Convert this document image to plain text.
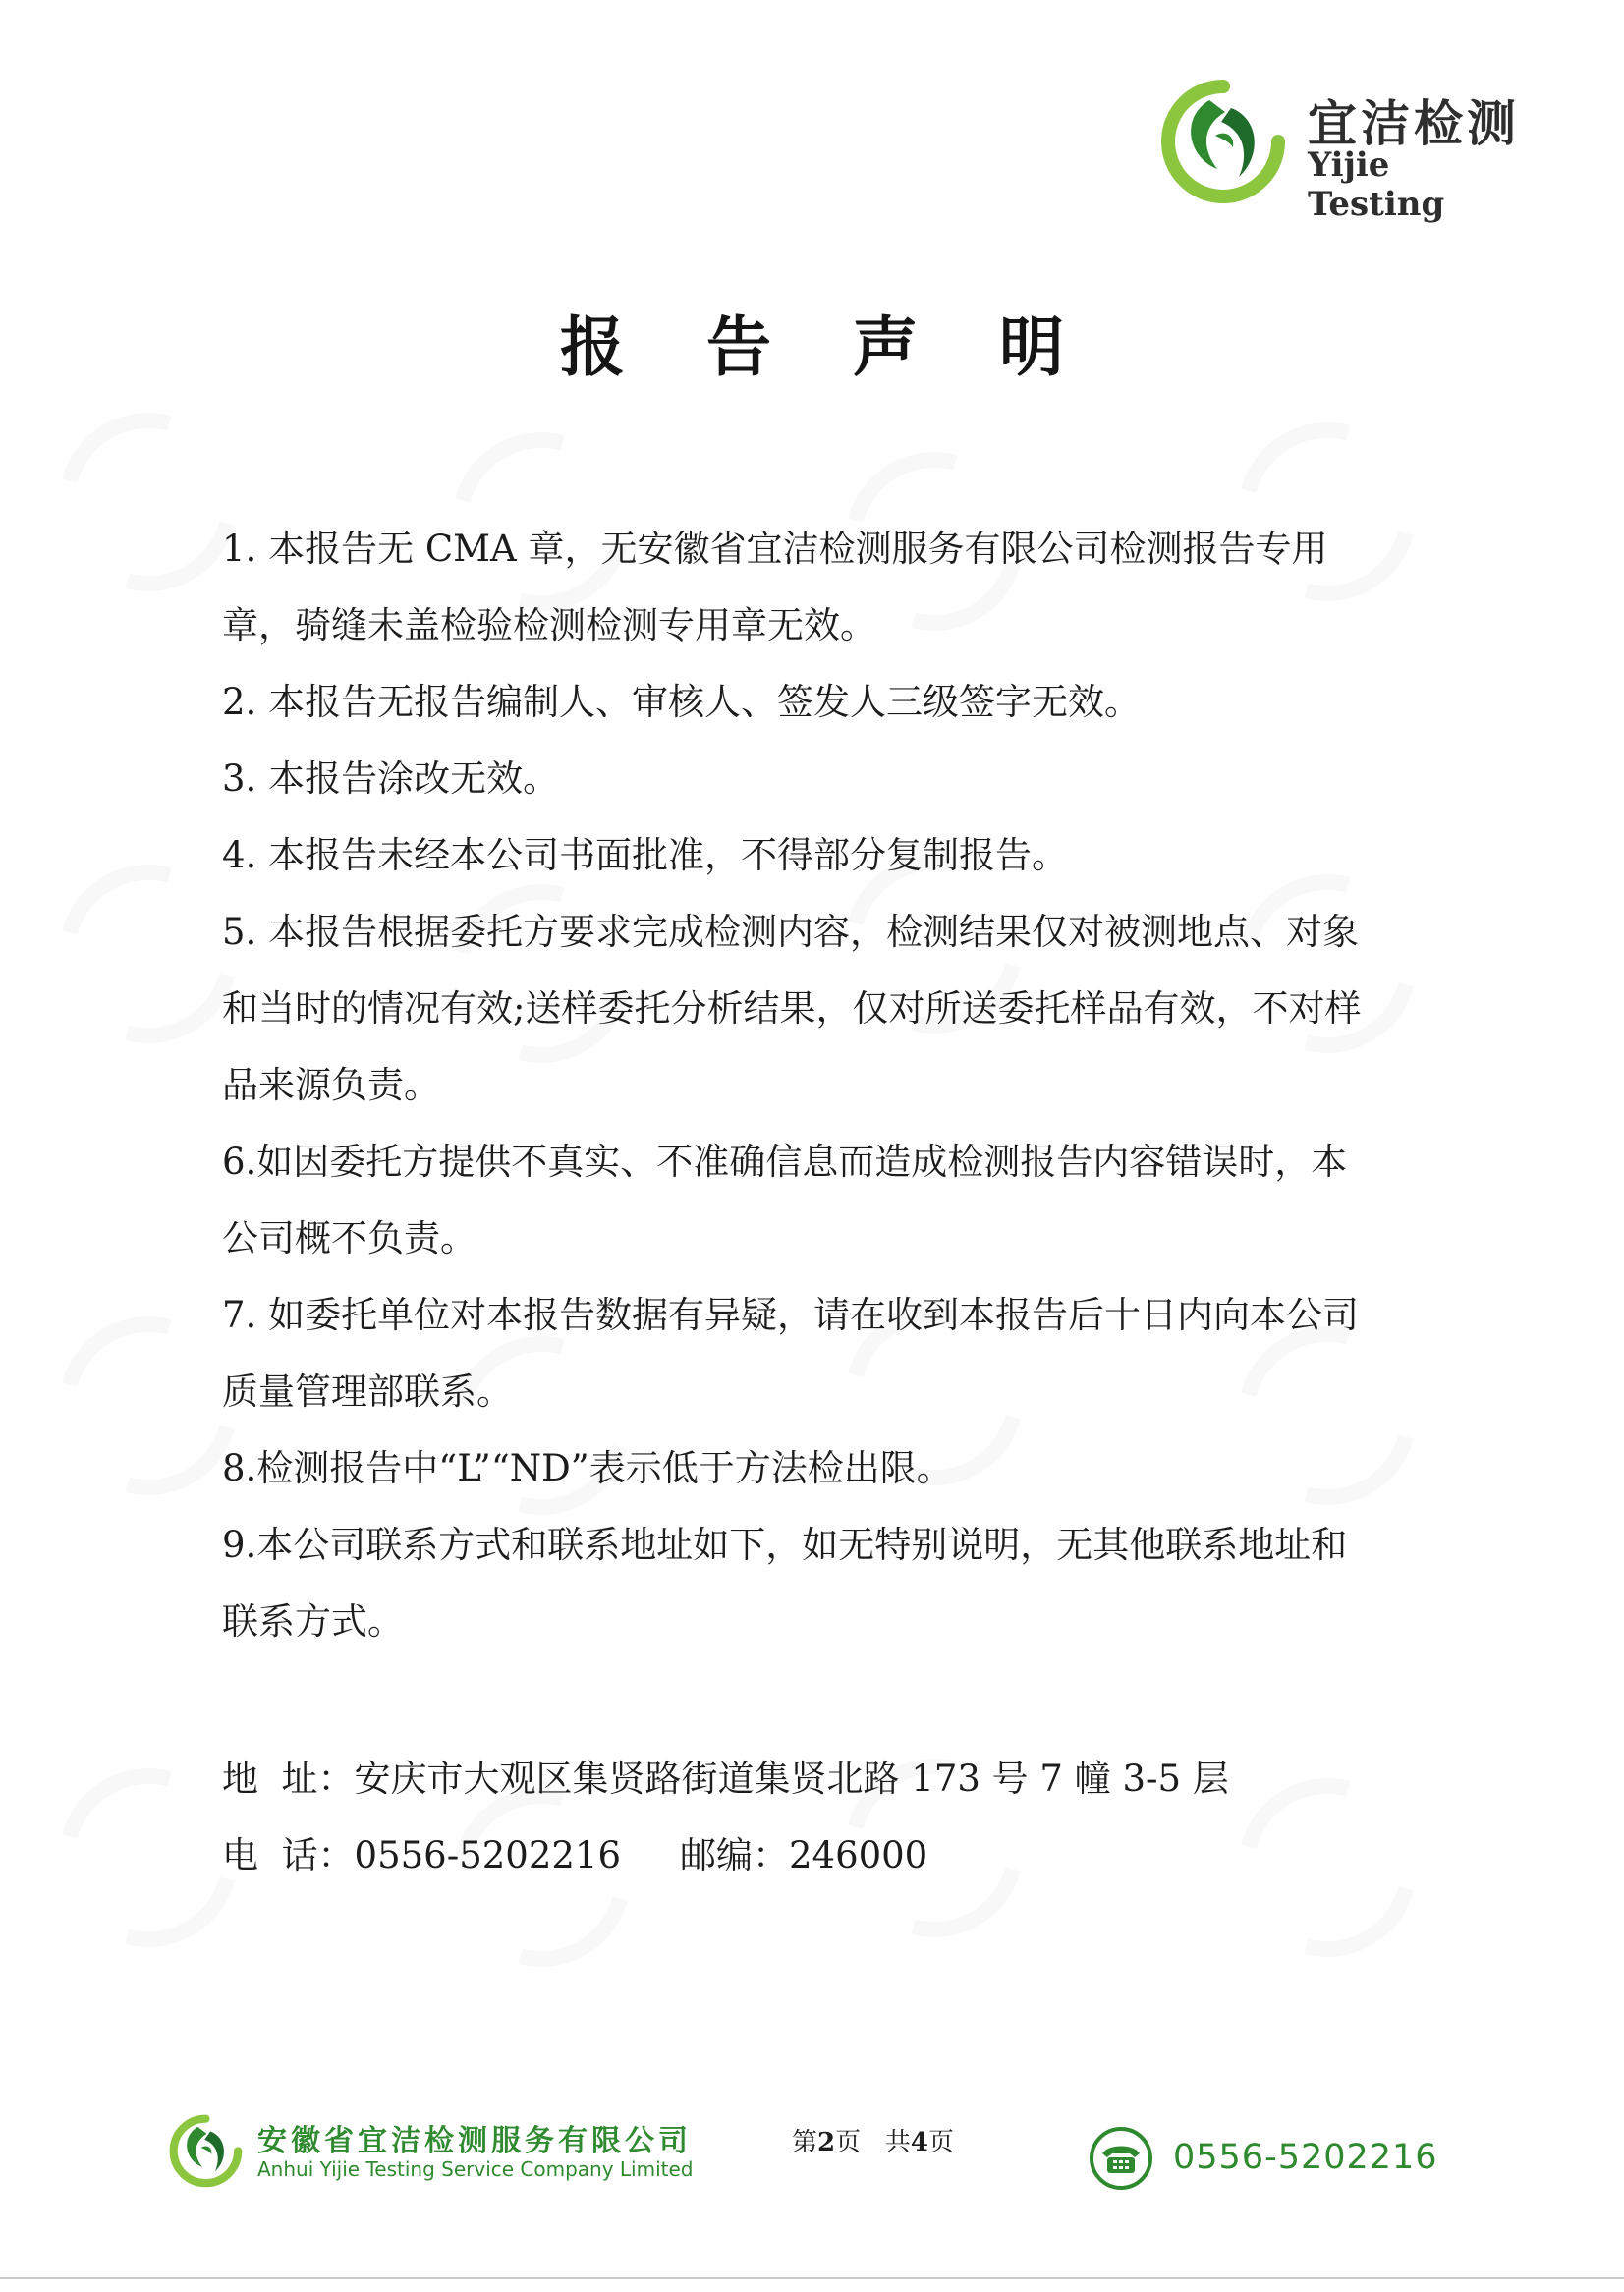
宜洁检测
Yijie Testing
报 告 声 明

1. 本报告无 CMA 章，无安徽省宜洁检测服务有限公司检测报告专用章，骑缝未盖检验检测检测专用章无效。

2. 本报告无报告编制人、审核人、签发人三级签字无效。

3. 本报告涂改无效。

4. 本报告未经本公司书面批准，不得部分复制报告。

5. 本报告根据委托方要求完成检测内容，检测结果仅对被测地点、对象和当时的情况有效;送样委托分析结果，仅对所送委托样品有效，不对样品来源负责。

6.如因委托方提供不真实、不准确信息而造成检测报告内容错误时，本公司概不负责。

7. 如委托单位对本报告数据有异疑，请在收到本报告后十日内向本公司质量管理部联系。

8.检测报告中“L”“ND”表示低于方法检出限。

9.本公司联系方式和联系地址如下，如无特别说明，无其他联系地址和联系方式。

地  址：安庆市大观区集贤路街道集贤北路 173 号 7 幢 3-5 层
电  话：0556-5202216 邮编：246000
安徽省宜洁检测服务有限公司
Anhui Yijie Testing Service Company Limited
第2页   共4页	0556-5202216
